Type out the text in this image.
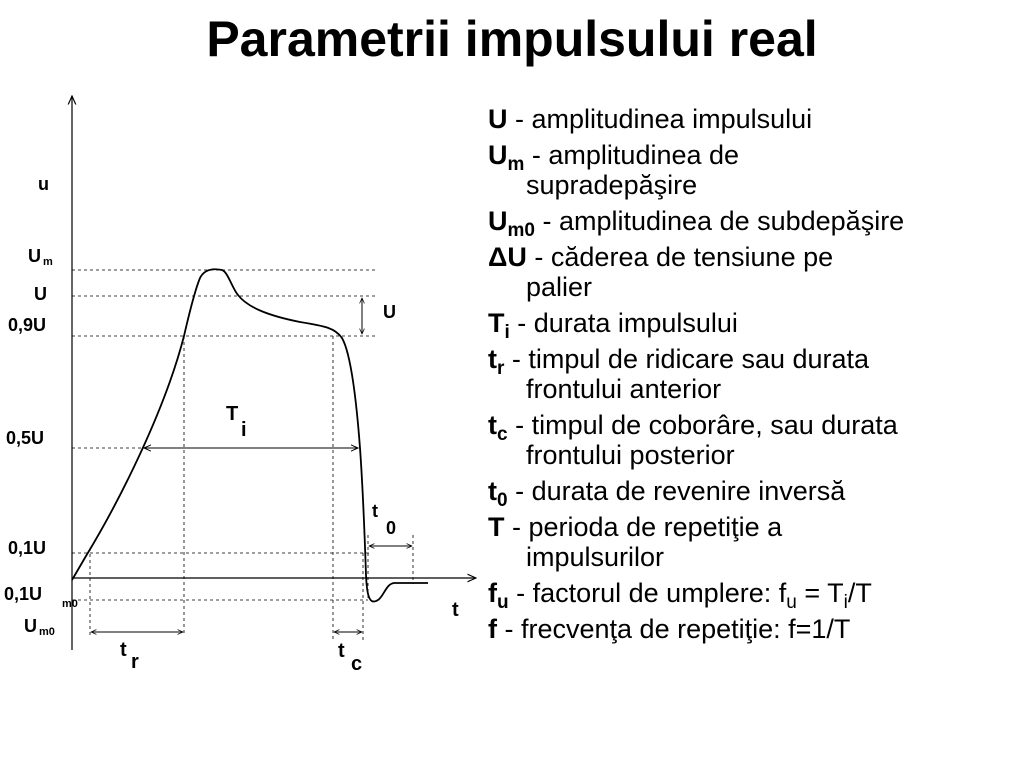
Parametrii impulsului real
U
T
i
t
0
t
r	t
c
u
t
U m
U
0,9U
0,5U
0,1U
0,1U m0
U m0
U - amplitudinea impulsului
$U_m$ - amplitudinea de
supradepăşire
$U_{m0}$ - amplitudinea de subdepăşire
ΔU - căderea de tensiune pe
palier
$T_i$ - durata impulsului
$t_r$ - timpul de ridicare sau durata
frontului anterior
$t_c$ - timpul de coborâre, sau durata
frontului posterior
$t_0$ - durata de revenire inversă
T - perioda de repetiţie a
impulsurilor
$f_u$ - factorul de umplere: $f_u = T_i/T$
f - frecvenţa de repetiţie: f=1/T
